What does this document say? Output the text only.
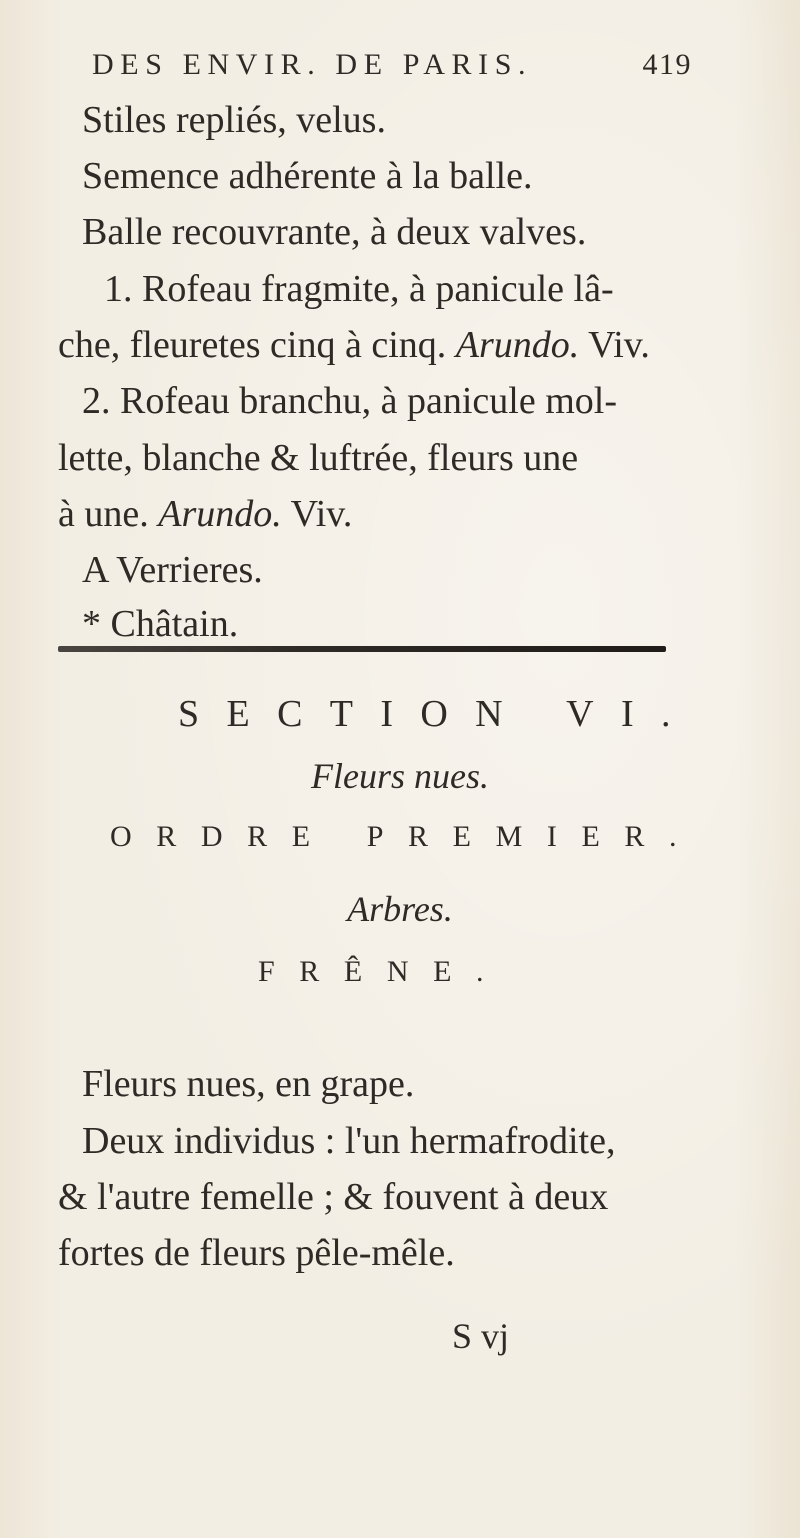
DES ENVIR. DE PARIS.	419
Stiles repliés, velus.
Semence adhérente à la balle.
Balle recouvrante, à deux valves.
1. Rofeau fragmite, à panicule lâ-
che, fleuretes cinq à cinq. Arundo. Viv.
2. Rofeau branchu, à panicule mol-
lette, blanche & luftrée, fleurs une
à une. Arundo. Viv.
A Verrieres.
* Châtain.
SECTION VI.
Fleurs nues.
ORDRE PREMIER.
Arbres.
FRÊNE.
Fleurs nues, en grape.
Deux individus : l'un hermafrodite,
& l'autre femelle ; & fouvent à deux
fortes de fleurs pêle-mêle.
S vj
